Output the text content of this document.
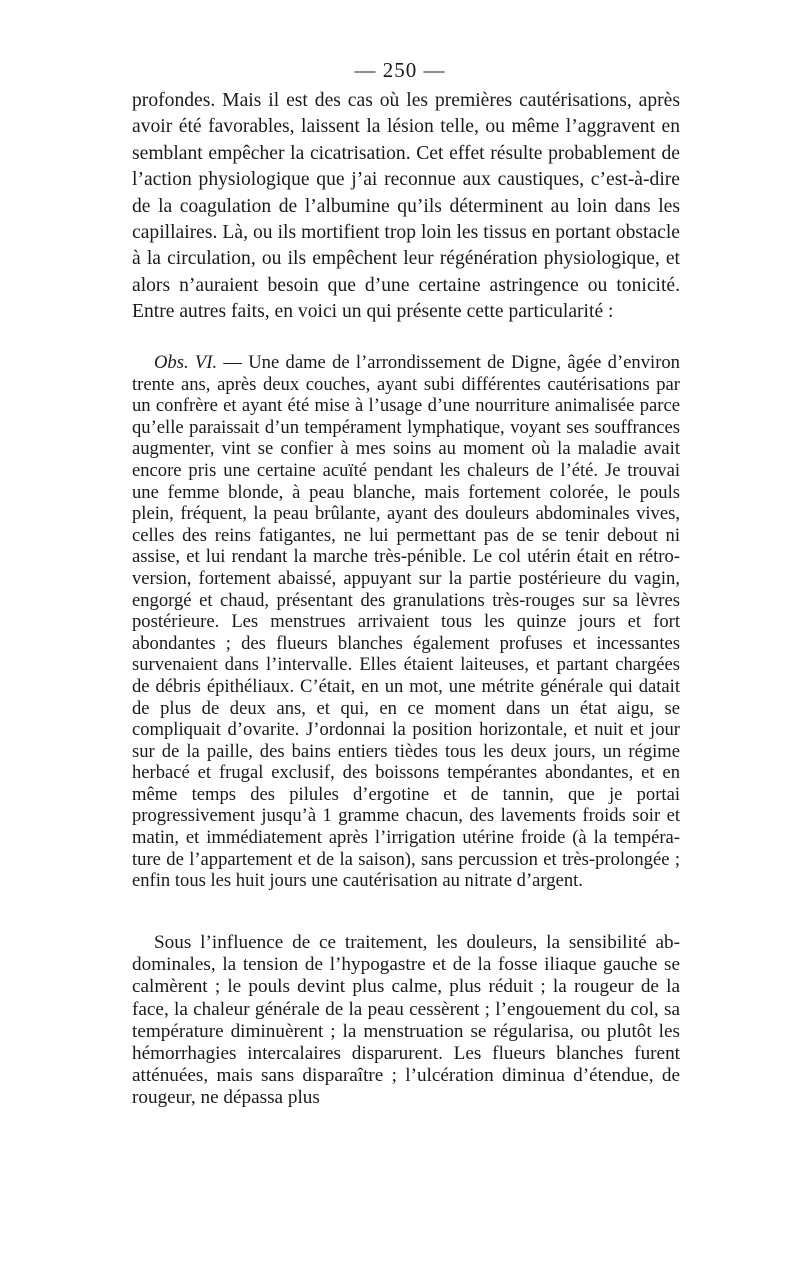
— 250 —

profondes. Mais il est des cas où les premières cautérisations, après avoir été favorables, laissent la lésion telle, ou même l’aggravent en semblant empêcher la cicatrisation. Cet effet résulte probablement de l’action physiologique que j’ai reconnue aux caustiques, c’est-à-dire de la coagulation de l’albumine qu’ils déterminent au loin dans les capillaires. Là, ou ils mortifient trop loin les tissus en portant obstacle à la circulation, ou ils empêchent leur régénération physiologique, et alors n’auraient besoin que d’une certaine astringence ou tonicité. Entre autres faits, en voici un qui présente cette particularité :

Obs. VI. — Une dame de l’arrondissement de Digne, âgée d’environ trente ans, après deux couches, ayant subi différentes cautérisations par un confrère et ayant été mise à l’usage d’une nourriture animalisée parce qu’elle paraissait d’un tempérament lymphatique, voyant ses souffrances augmenter, vint se confier à mes soins au moment où la maladie avait encore pris une certaine acuïté pendant les chaleurs de l’été. Je trouvai une femme blonde, à peau blanche, mais fortement colorée, le pouls plein, fréquent, la peau brûlante, ayant des douleurs abdominales vives, celles des reins fatigantes, ne lui permettant pas de se tenir debout ni assise, et lui rendant la marche très-pénible. Le col utérin était en rétroversion, fortement abaissé, appuyant sur la partie postérieure du vagin, engorgé et chaud, présentant des granulations très-rouges sur sa lèvres postérieure. Les menstrues arrivaient tous les quinze jours et fort abondantes ; des flueurs blanches également profuses et incessantes survenaient dans l’intervalle. Elles étaient laiteuses, et partant chargées de débris épithéliaux. C’était, en un mot, une métrite générale qui datait de plus de deux ans, et qui, en ce moment dans un état aigu, se compliquait d’ovarite. J’ordonnai la position horizontale, et nuit et jour sur de la paille, des bains entiers tièdes tous les deux jours, un régime herbacé et frugal exclusif, des boissons tempérantes abondantes, et en même temps des pilules d’ergotine et de tannin, que je portai progressivement jusqu’à 1 gramme chacun, des lavements froids soir et matin, et immédiatement après l’irrigation utérine froide (à la température de l’appartement et de la saison), sans percussion et très-prolongée ; enfin tous les huit jours une cautérisation au nitrate d’argent.

Sous l’influence de ce traitement, les douleurs, la sensibilité abdominales, la tension de l’hypogastre et de la fosse iliaque gauche se calmèrent ; le pouls devint plus calme, plus réduit ; la rougeur de la face, la chaleur générale de la peau cessèrent ; l’engouement du col, sa température diminuèrent ; la menstruation se régularisa, ou plutôt les hémorrhagies intercalaires disparurent. Les flueurs blanches furent atténuées, mais sans disparaître ; l’ulcération diminua d’étendue, de rougeur, ne dépassa plus
